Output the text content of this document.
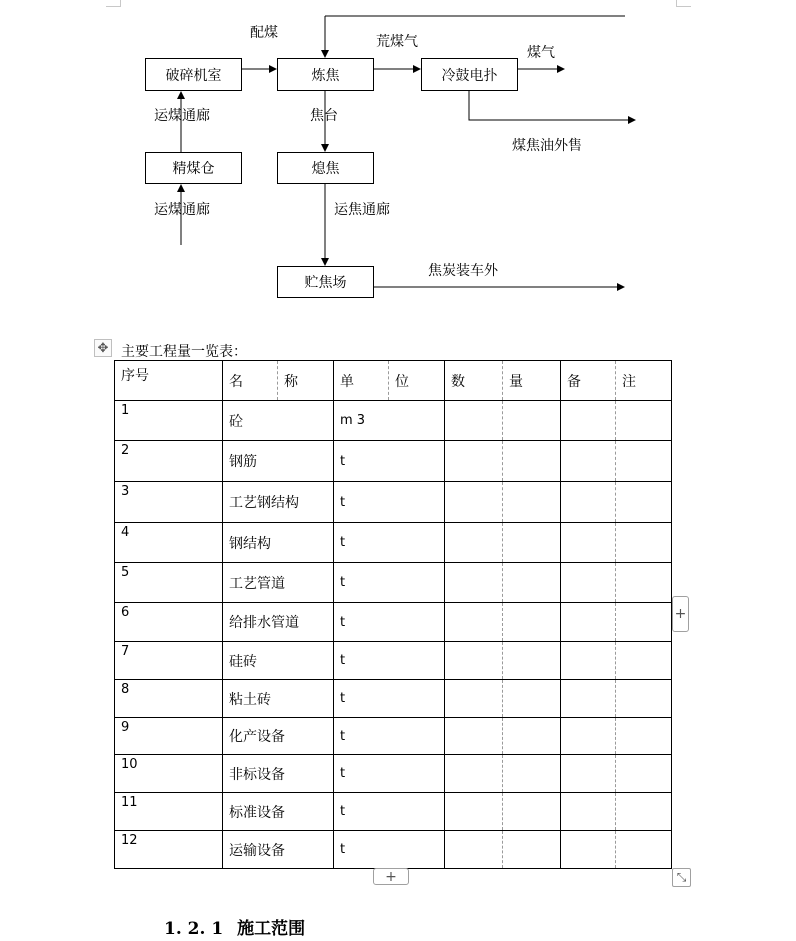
破碎机室	炼焦	冷鼓电扑
精煤仓	熄焦
贮焦场
配煤
荒煤气
煤气
运煤通廊	焦台
煤焦油外售
运煤通廊	运焦通廊
焦炭装车外
✥ 主要工程量一览表：
序号	名	称	单	位	数	量	备	注
1	砼		m 3					
2	钢筋		t					
3	工艺钢结构		t					
4	钢结构		t					
5	工艺管道		t					
6	给排水管道		t					
7	硅砖		t					
8	粘土砖		t					
9	化产设备		t					
10	非标设备		t					
11	标准设备		t					
12	运输设备		t					
+
+	⤡
1. 2. 1 施工范围
